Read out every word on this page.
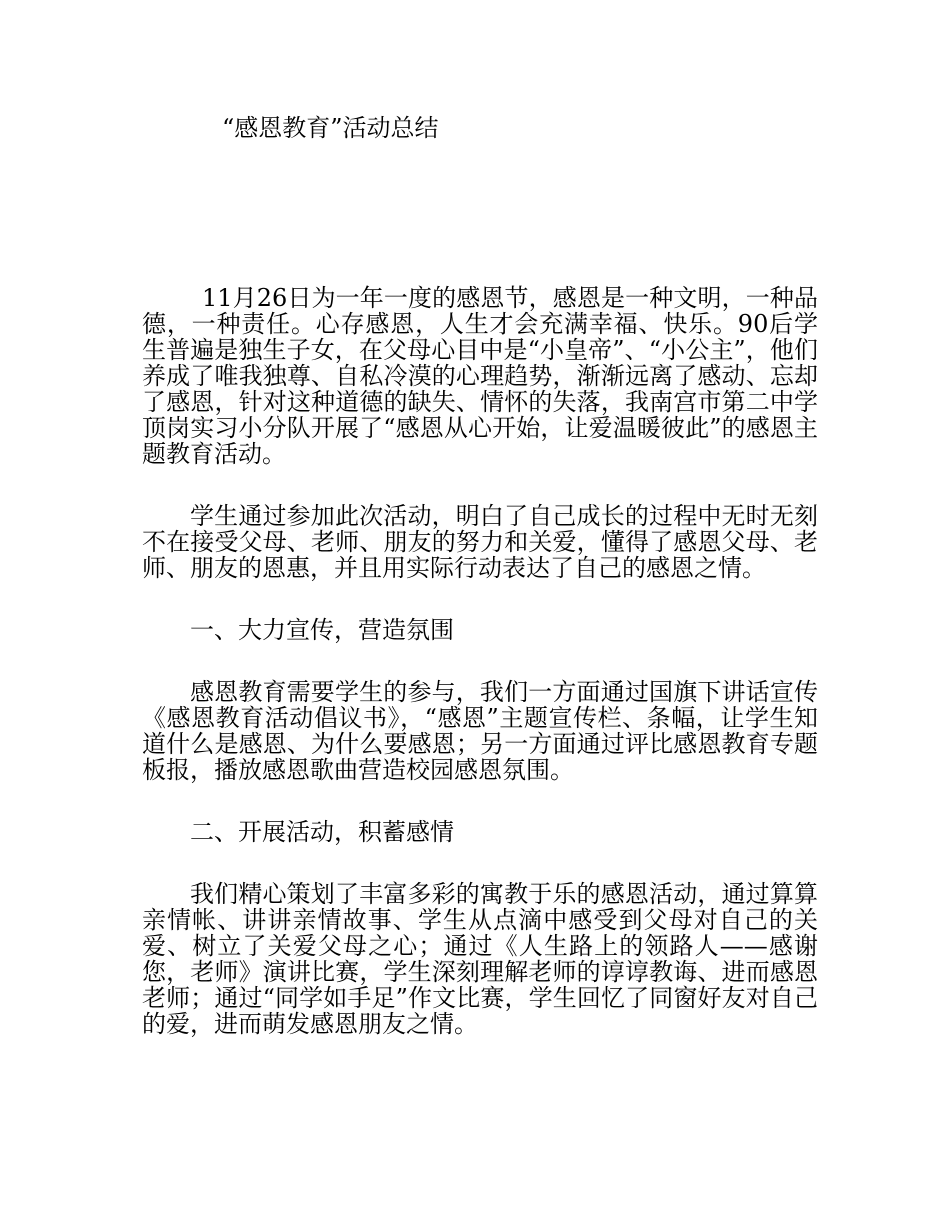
“感恩教育”活动总结

11月26日为一年一度的感恩节，感恩是一种文明，一种品德，一种责任。心存感恩，人生才会充满幸福、快乐。90后学生普遍是独生子女，在父母心目中是“小皇帝”、“小公主”，他们养成了唯我独尊、自私冷漠的心理趋势，渐渐远离了感动、忘却了感恩，针对这种道德的缺失、情怀的失落，我南宫市第二中学顶岗实习小分队开展了“感恩从心开始，让爱温暖彼此”的感恩主题教育活动。

学生通过参加此次活动，明白了自己成长的过程中无时无刻不在接受父母、老师、朋友的努力和关爱，懂得了感恩父母、老师、朋友的恩惠，并且用实际行动表达了自己的感恩之情。

一、大力宣传，营造氛围

感恩教育需要学生的参与，我们一方面通过国旗下讲话宣传《感恩教育活动倡议书》，“感恩”主题宣传栏、条幅，让学生知道什么是感恩、为什么要感恩；另一方面通过评比感恩教育专题板报，播放感恩歌曲营造校园感恩氛围。

二、开展活动，积蓄感情

我们精心策划了丰富多彩的寓教于乐的感恩活动，通过算算亲情帐、讲讲亲情故事、学生从点滴中感受到父母对自己的关爱、树立了关爱父母之心；通过《人生路上的领路人——感谢您，老师》演讲比赛，学生深刻理解老师的谆谆教诲、进而感恩老师；通过“同学如手足”作文比赛，学生回忆了同窗好友对自己的爱，进而萌发感恩朋友之情。
